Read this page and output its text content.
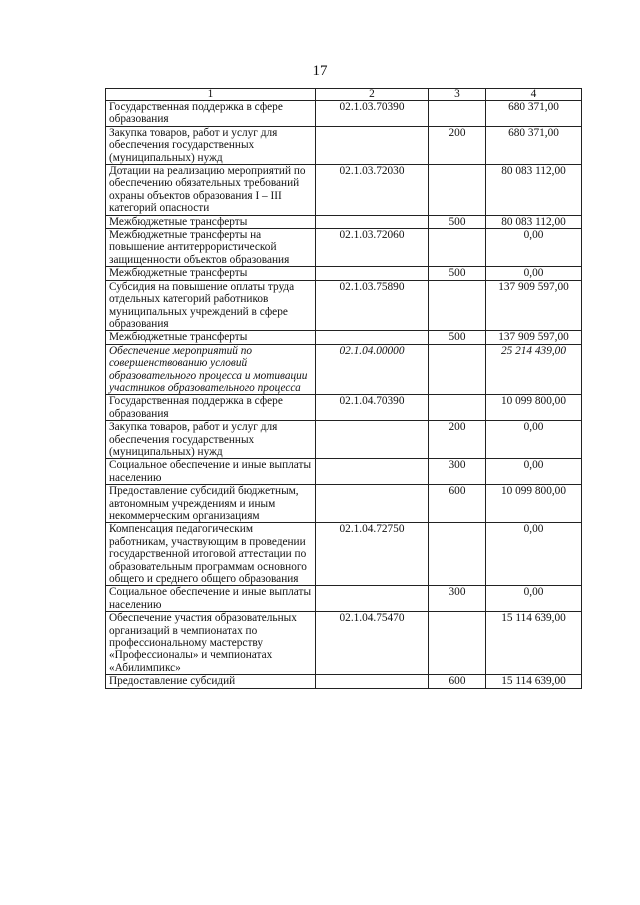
17
1	2	3	4
Государственная поддержка в сфере образования	02.1.03.70390		680 371,00
Закупка товаров, работ и услуг для обеспечения государственных (муниципальных) нужд		200	680 371,00
Дотации на реализацию мероприятий по обеспечению обязательных требований охраны объектов образования I – III категорий опасности	02.1.03.72030		80 083 112,00
Межбюджетные трансферты		500	80 083 112,00
Межбюджетные трансферты на повышение антитеррористической защищенности объектов образования	02.1.03.72060		0,00
Межбюджетные трансферты		500	0,00
Субсидия на повышение оплаты труда отдельных категорий работников муниципальных учреждений в сфере образования	02.1.03.75890		137 909 597,00
Межбюджетные трансферты		500	137 909 597,00
Обеспечение мероприятий по совершенствованию условий образовательного процесса и мотивации участников образовательного процесса	02.1.04.00000		25 214 439,00
Государственная поддержка в сфере образования	02.1.04.70390		10 099 800,00
Закупка товаров, работ и услуг для обеспечения государственных (муниципальных) нужд		200	0,00
Социальное обеспечение и иные выплаты населению		300	0,00
Предоставление субсидий бюджетным, автономным учреждениям и иным некоммерческим организациям		600	10 099 800,00
Компенсация педагогическим работникам, участвующим в проведении государственной итоговой аттестации по образовательным программам основного общего и среднего общего образования	02.1.04.72750		0,00
Социальное обеспечение и иные выплаты населению		300	0,00
Обеспечение участия образовательных организаций в чемпионатах по профессиональному мастерству «Профессионалы» и чемпионатах «Абилимпикс»	02.1.04.75470		15 114 639,00
Предоставление субсидий		600	15 114 639,00
